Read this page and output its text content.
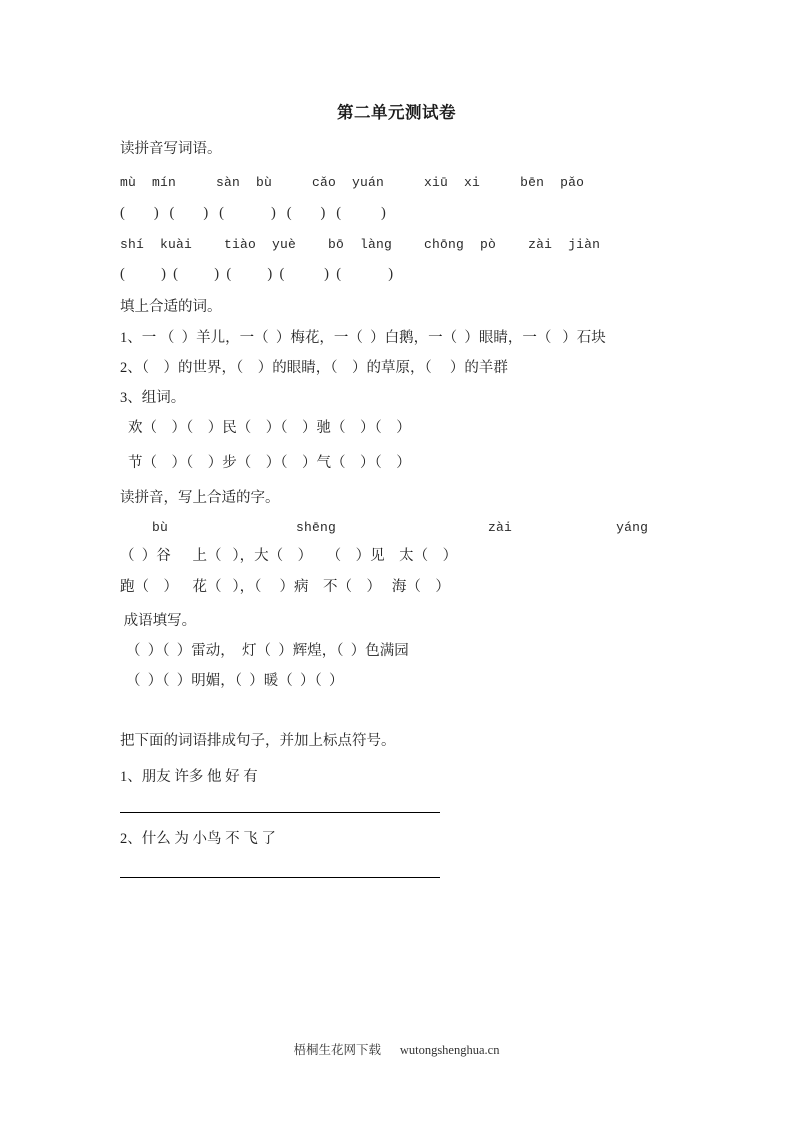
第二单元测试卷
读拼音写词语。
mù  mín     sàn  bù     cǎo  yuán     xiū  xi     bēn  pǎo
(        )   (        )   (             )   (        )   (           )
shí  kuài    tiào  yuè    bō  làng    chōng  pò    zài  jiàn
(          )  (          )  (          )  (           )  (             )
填上合适的词。
1、一 （  ）羊儿，一（  ）梅花，一（  ）白鹅，一（  ）眼睛，一（   ）石块
2、（    ）的世界，（    ）的眼睛，（    ）的草原，（     ）的羊群
3、组词。
欢（    ）（    ）民（    ）（    ）驰（    ）（    ）
节（    ）（    ）步（    ）（    ）气（    ）（    ）
读拼音，写上合适的字。
bù                shēng                   zài             yáng
（  ）谷      上（   ），大（    ）    （    ）见    太（    ）
跑（    ）    花（   ），（     ）病    不（    ）   海（    ）
成语填写。
（  ）（  ）雷动，  灯（  ）辉煌，（  ）色满园
（  ）（  ）明媚，（  ）暖（  ）（  ）
把下面的词语排成句子，并加上标点符号。
1、朋友 许多 他 好 有
2、什么 为 小鸟 不 飞 了
梧桐生花网下载 wutongshenghua.cn
